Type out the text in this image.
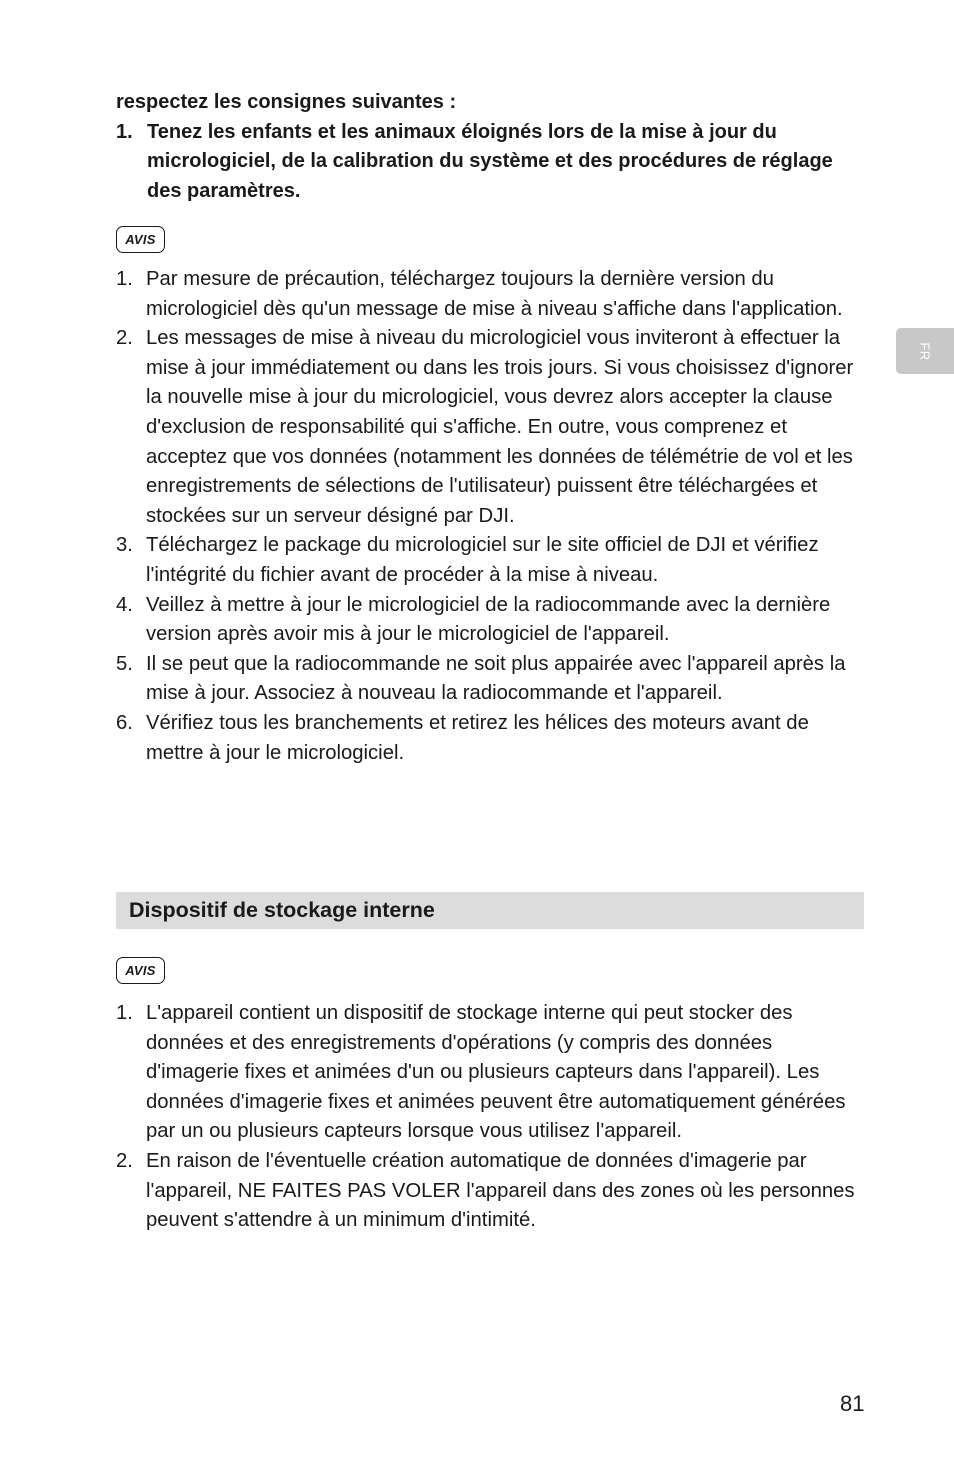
respectez les consignes suivantes :

1. Tenez les enfants et les animaux éloignés lors de la mise à jour du micrologiciel, de la calibration du système et des procédures de réglage des paramètres.
AVIS
1. Par mesure de précaution, téléchargez toujours la dernière version du micrologiciel dès qu'un message de mise à niveau s'affiche dans l'application.
2. Les messages de mise à niveau du micrologiciel vous inviteront à effectuer la mise à jour immédiatement ou dans les trois jours. Si vous choisissez d'ignorer la nouvelle mise à jour du micrologiciel, vous devrez alors accepter la clause d'exclusion de responsabilité qui s'affiche. En outre, vous comprenez et acceptez que vos données (notamment les données de télémétrie de vol et les enregistrements de sélections de l'utilisateur) puissent être téléchargées et stockées sur un serveur désigné par DJI.
3. Téléchargez le package du micrologiciel sur le site officiel de DJI et vérifiez l'intégrité du fichier avant de procéder à la mise à niveau.
4. Veillez à mettre à jour le micrologiciel de la radiocommande avec la dernière version après avoir mis à jour le micrologiciel de l'appareil.
5. Il se peut que la radiocommande ne soit plus appairée avec l'appareil après la mise à jour. Associez à nouveau la radiocommande et l'appareil.
6. Vérifiez tous les branchements et retirez les hélices des moteurs avant de mettre à jour le micrologiciel.
Dispositif de stockage interne
AVIS
1. L'appareil contient un dispositif de stockage interne qui peut stocker des données et des enregistrements d'opérations (y compris des données d'imagerie fixes et animées d'un ou plusieurs capteurs dans l'appareil). Les données d'imagerie fixes et animées peuvent être automatiquement générées par un ou plusieurs capteurs lorsque vous utilisez l'appareil.
2. En raison de l'éventuelle création automatique de données d'imagerie par l'appareil, NE FAITES PAS VOLER l'appareil dans des zones où les personnes peuvent s'attendre à un minimum d'intimité.
FR
81
